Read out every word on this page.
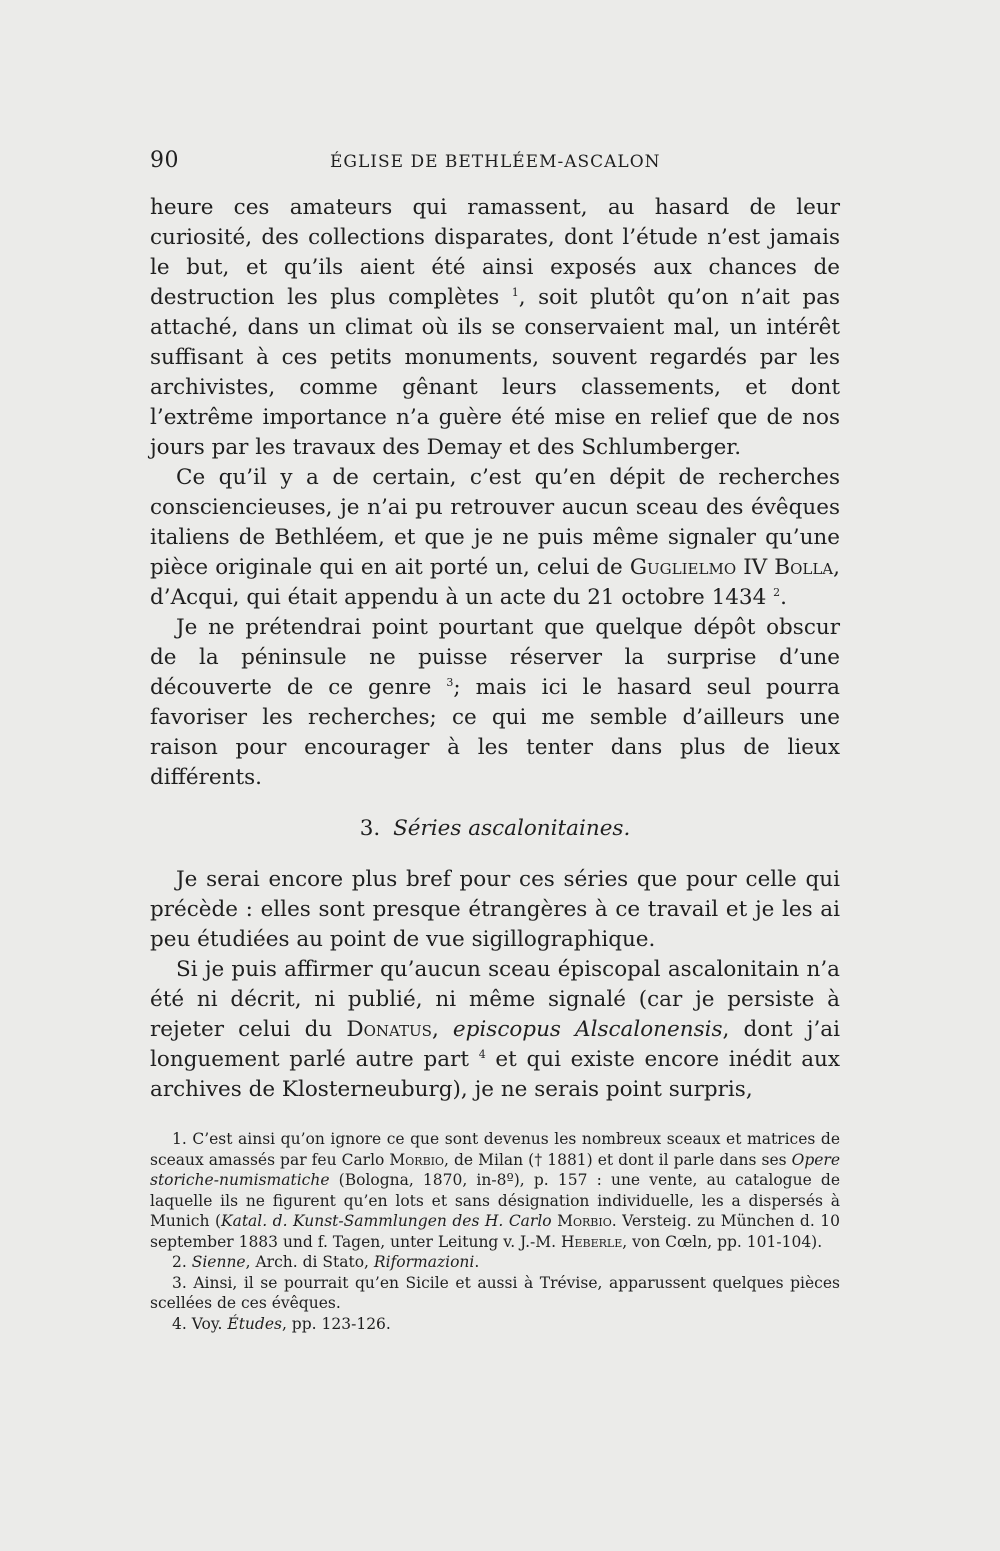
90	ÉGLISE DE BETHLÉEM-ASCALON

heure ces amateurs qui ramassent, au hasard de leur curiosité, des collections disparates, dont l’étude n’est jamais le but, et qu’ils aient été ainsi exposés aux chances de destruction les plus complètes $^1$, soit plutôt qu’on n’ait pas attaché, dans un climat où ils se conservaient mal, un intérêt suffisant à ces petits monuments, souvent regardés par les archivistes, comme gênant leurs classements, et dont l’extrême importance n’a guère été mise en relief que de nos jours par les travaux des Demay et des Schlumberger.

Ce qu’il y a de certain, c’est qu’en dépit de recherches consciencieuses, je n’ai pu retrouver aucun sceau des évêques italiens de Bethléem, et que je ne puis même signaler qu’une pièce originale qui en ait porté un, celui de Guglielmo IV Bolla, d’Acqui, qui était appendu à un acte du 21 octobre 1434 $^2$.

Je ne prétendrai point pourtant que quelque dépôt obscur de la péninsule ne puisse réserver la surprise d’une découverte de ce genre $^3$; mais ici le hasard seul pourra favoriser les recherches; ce qui me semble d’ailleurs une raison pour encourager à les tenter dans plus de lieux différents.

3. Séries ascalonitaines.

Je serai encore plus bref pour ces séries que pour celle qui précède : elles sont presque étrangères à ce travail et je les ai peu étudiées au point de vue sigillographique.

Si je puis affirmer qu’aucun sceau épiscopal ascalonitain n’a été ni décrit, ni publié, ni même signalé (car je persiste à rejeter celui du Donatus, episcopus Alscalonensis, dont j’ai longuement parlé autre part $^4$ et qui existe encore inédit aux archives de Klosterneuburg), je ne serais point surpris,

1. C’est ainsi qu’on ignore ce que sont devenus les nombreux sceaux et matrices de sceaux amassés par feu Carlo Morbio, de Milan († 1881) et dont il parle dans ses Opere storiche-numismatiche (Bologna, 1870, in-8º), p. 157 : une vente, au catalogue de laquelle ils ne figurent qu’en lots et sans désignation individuelle, les a dispersés à Munich (Katal. d. Kunst-Sammlungen des H. Carlo Morbio. Versteig. zu München d. 10 september 1883 und f. Tagen, unter Leitung v. J.-M. Heberle, von Cœln, pp. 101-104).

2. Sienne, Arch. di Stato, Riformazioni.

3. Ainsi, il se pourrait qu’en Sicile et aussi à Trévise, apparussent quelques pièces scellées de ces évêques.

4. Voy. Études, pp. 123-126.
